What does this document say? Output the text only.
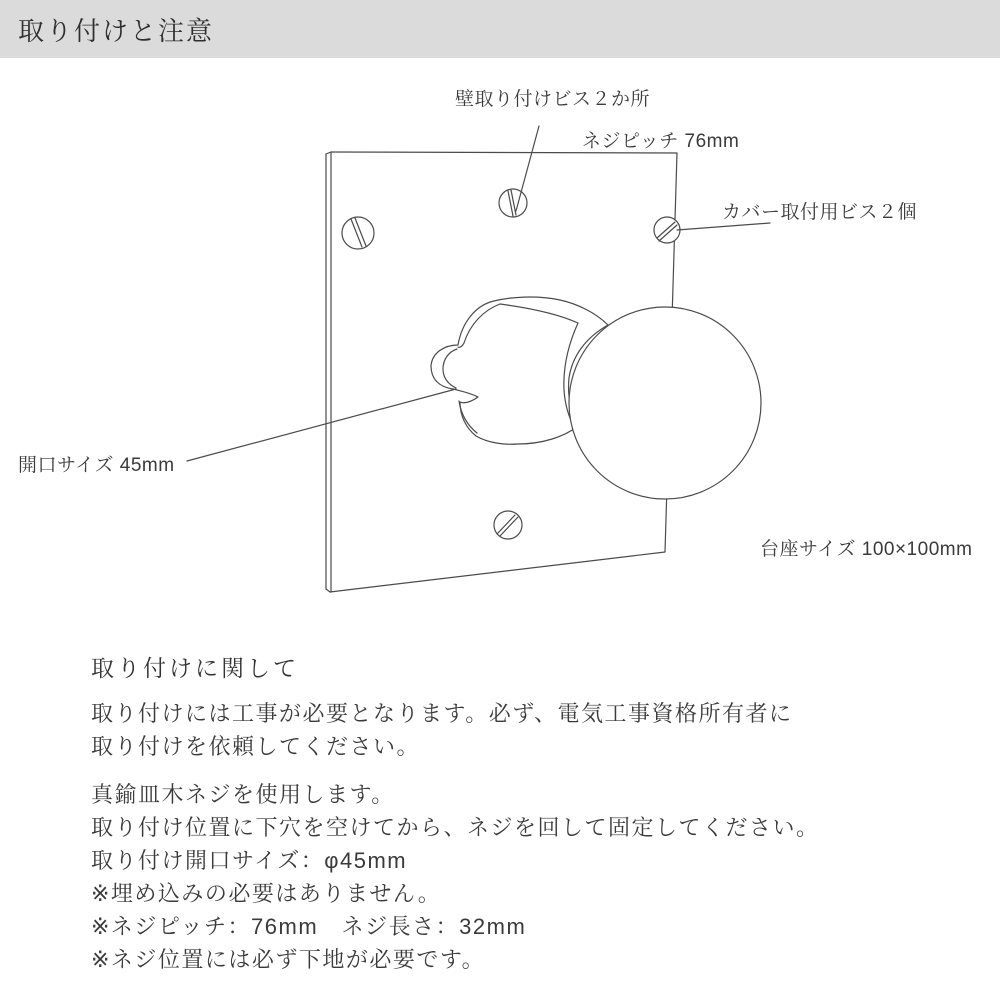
取り付けと注意
壁取り付けビス２か所
ネジピッチ 76mm
カバー取付用ビス２個
開口サイズ 45mm
台座サイズ 100×100mm
取り付けに関して
取り付けには工事が必要となります。必ず、電気工事資格所有者に
取り付けを依頼してください。
真鍮皿木ネジを使用します。
取り付け位置に下穴を空けてから、ネジを回して固定してください。
取り付け開口サイズ：φ45mm
※埋め込みの必要はありません。
※ネジピッチ：76mm　ネジ長さ：32mm
※ネジ位置には必ず下地が必要です。
